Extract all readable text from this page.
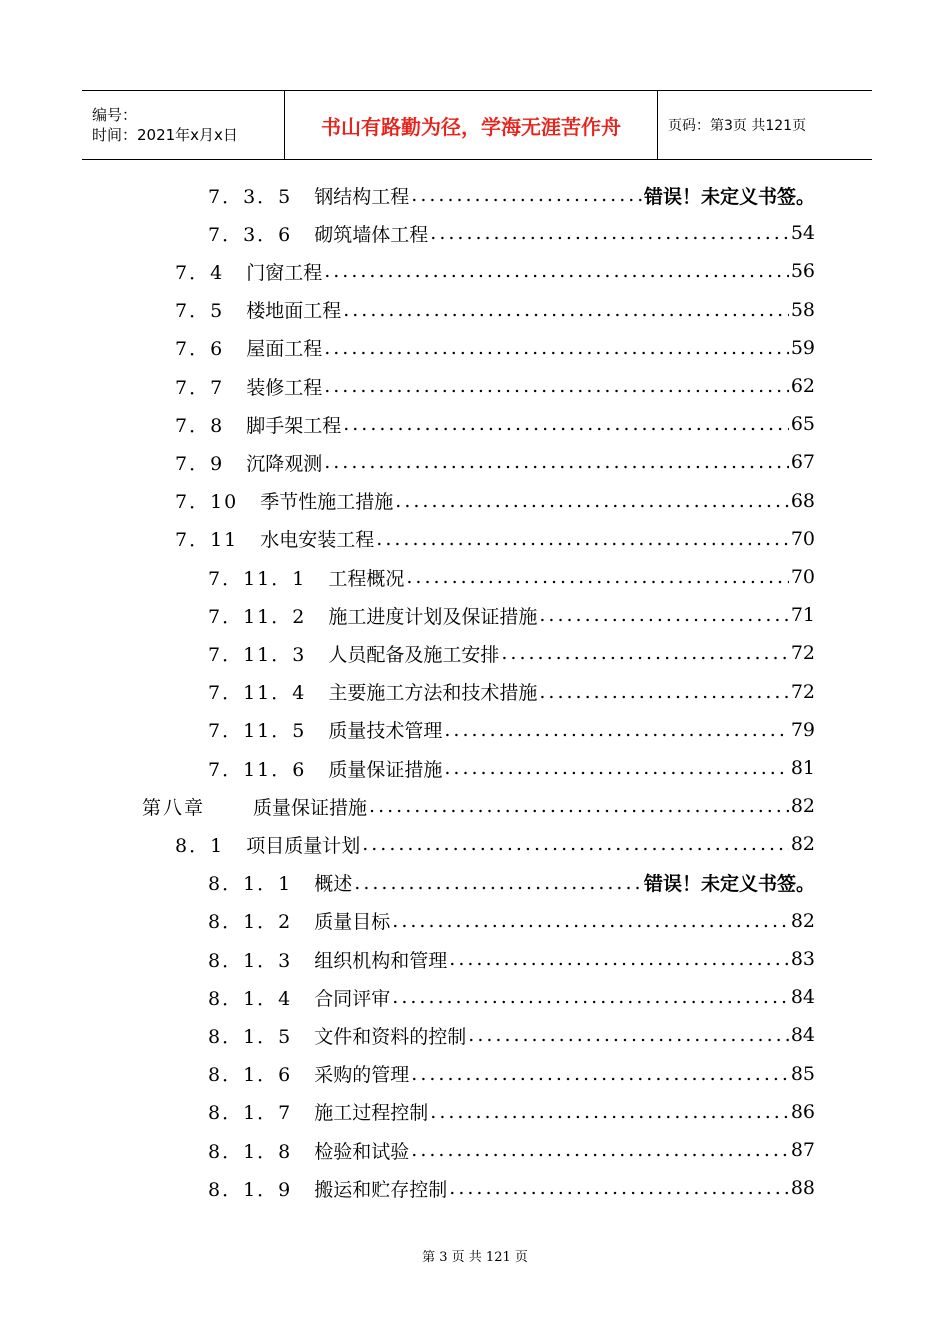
编号：
时间：2021年x月x日	书山有路勤为径，学海无涯苦作舟	页码：第3页 共121页
7．3．5 钢结构工程 .....	错误！未定义书签。
7．3．6 砌筑墙体工程 .....	54
7．4 门窗工程 .....	56
7．5 楼地面工程 .....	58
7．6 屋面工程 .....	59
7．7 装修工程 .....	62
7．8 脚手架工程 .....	65
7．9 沉降观测 .....	67
7．10 季节性施工措施 .....	68
7．11 水电安装工程 .....	70
7．11．1 工程概况 .....	70
7．11．2 施工进度计划及保证措施 .....	71
7．11．3 人员配备及施工安排 .....	72
7．11．4 主要施工方法和技术措施 .....	72
7．11．5 质量技术管理 .....	79
7．11．6 质量保证措施 .....	81
第八章	质量保证措施 .....	82
8．1 项目质量计划 .....	82
8．1．1 概述 .....	错误！未定义书签。
8．1．2 质量目标 .....	82
8．1．3 组织机构和管理 .....	83
8．1．4 合同评审 .....	84
8．1．5 文件和资料的控制 .....	84
8．1．6 采购的管理 .....	85
8．1．7 施工过程控制 .....	86
8．1．8 检验和试验 .....	87
8．1．9 搬运和贮存控制 .....	88
第 3 页 共 121 页
